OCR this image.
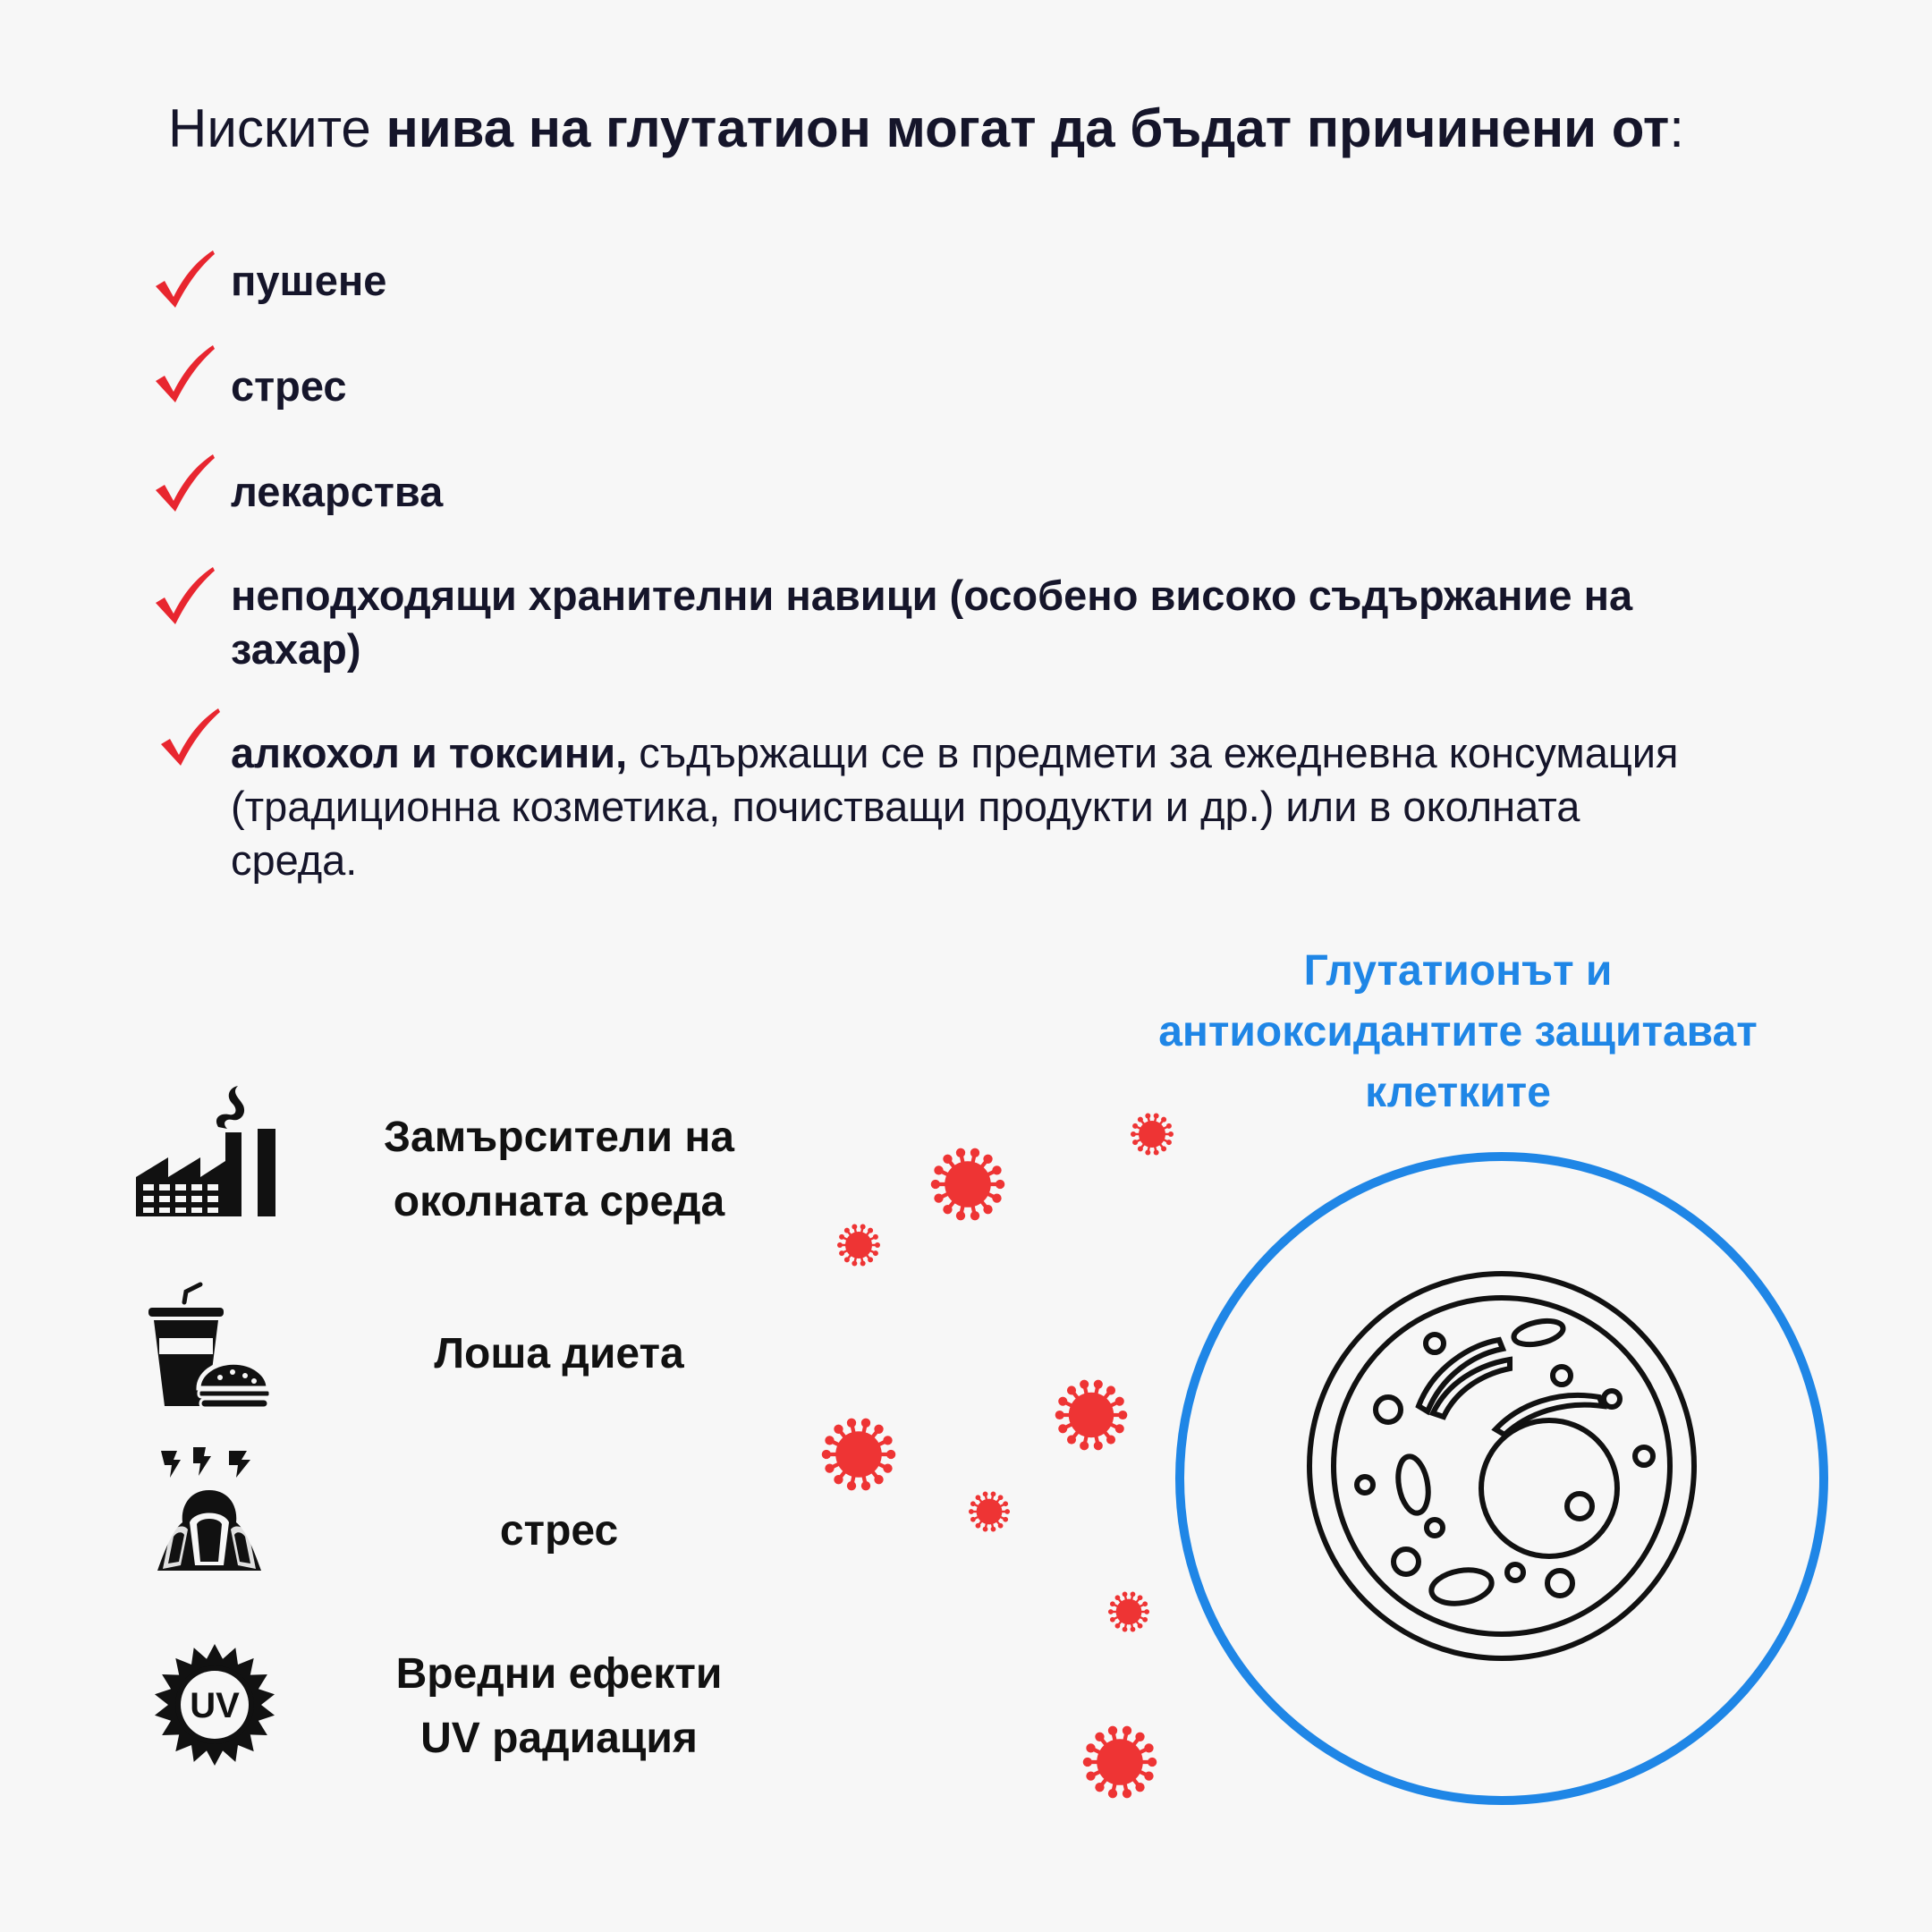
Ниските нива на глутатион могат да бъдат причинени от:
пушене
стрес
лекарства
неподходящи хранителни навици (особено високо съдържание на захар)
алкохол и токсини, съдържащи се в предмети за ежедневна консумация (традиционна козметика, почистващи продукти и др.) или в околната среда.
Замърсители на
околната среда
Лоша диета
стрес
UV
Вредни ефекти
UV радиация
Глутатионът и
антиоксидантите защитават
клетките
